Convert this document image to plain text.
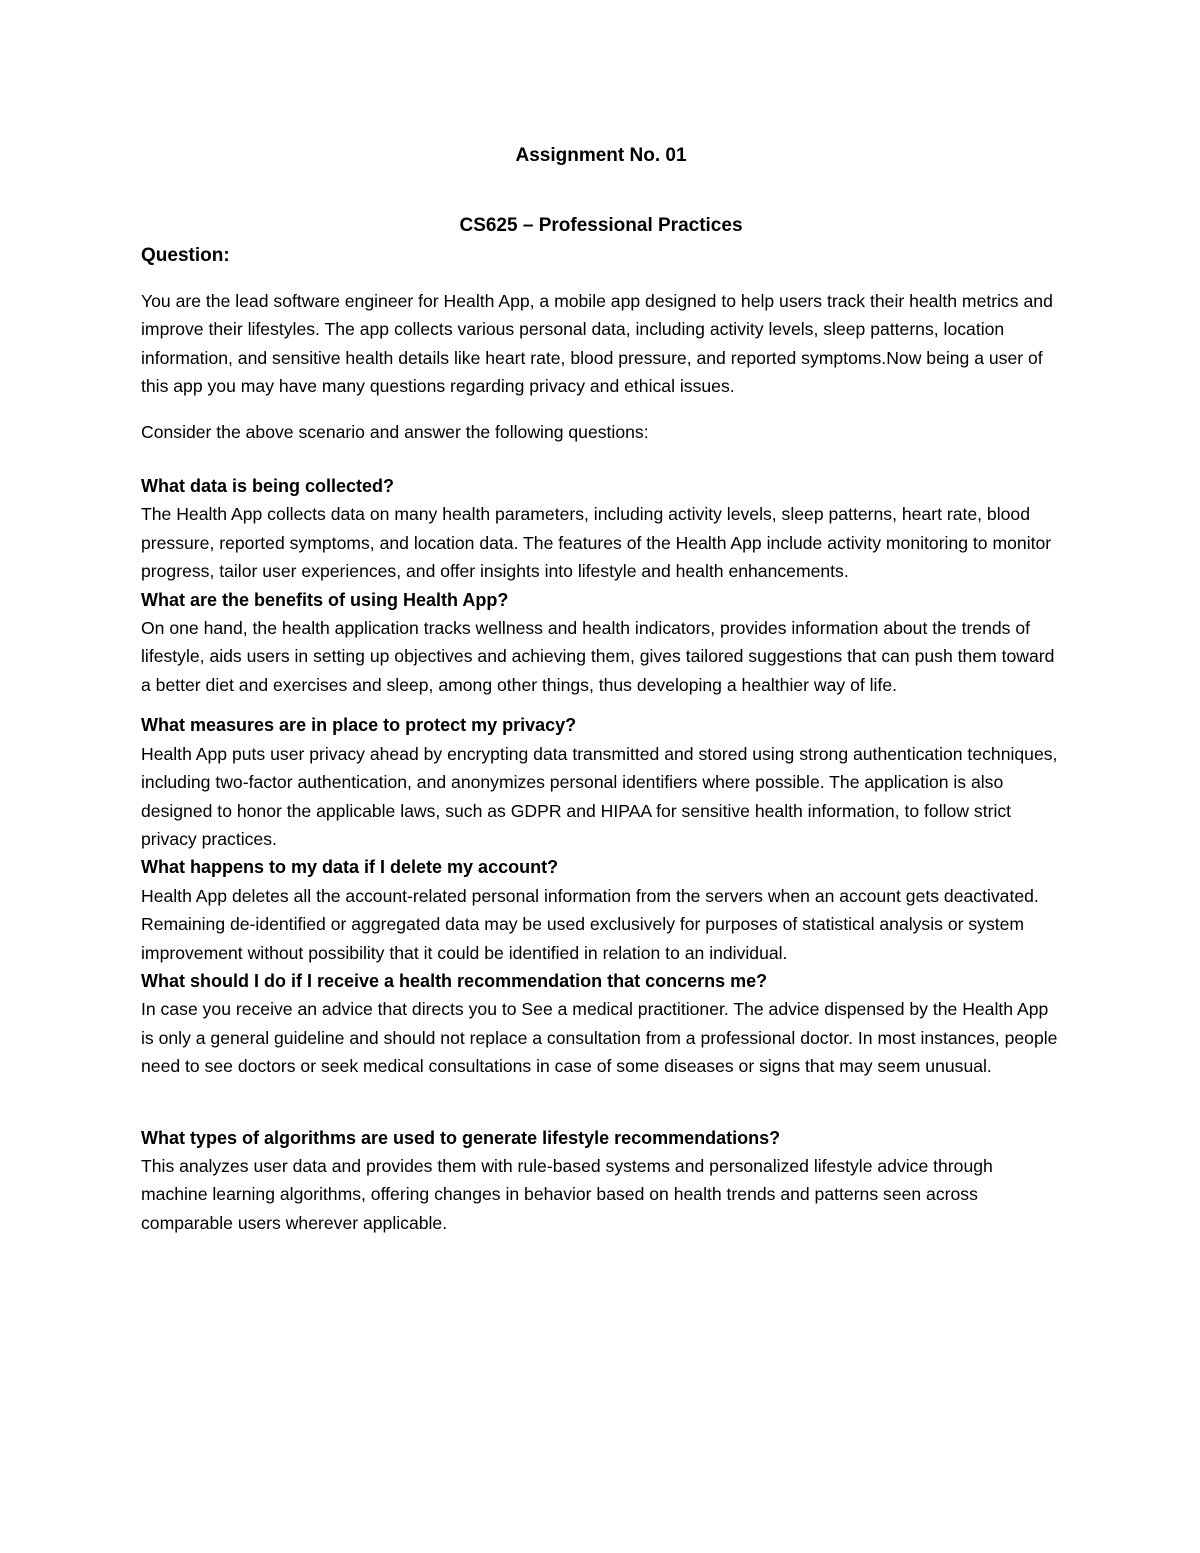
Assignment No. 01

CS625 – Professional Practices

Question:

You are the lead software engineer for Health App, a mobile app designed to help users track their health metrics and improve their lifestyles. The app collects various personal data, including activity levels, sleep patterns, location information, and sensitive health details like heart rate, blood pressure, and reported symptoms.Now being a user of this app you may have many questions regarding privacy and ethical issues.

Consider the above scenario and answer the following questions:

What data is being collected?

The Health App collects data on many health parameters, including activity levels, sleep patterns, heart rate, blood pressure, reported symptoms, and location data. The features of the Health App include activity monitoring to monitor progress, tailor user experiences, and offer insights into lifestyle and health enhancements.

What are the benefits of using Health App?

On one hand, the health application tracks wellness and health indicators, provides information about the trends of lifestyle, aids users in setting up objectives and achieving them, gives tailored suggestions that can push them toward a better diet and exercises and sleep, among other things, thus developing a healthier way of life.

What measures are in place to protect my privacy?

Health App puts user privacy ahead by encrypting data transmitted and stored using strong authentication techniques, including two-factor authentication, and anonymizes personal identifiers where possible. The application is also designed to honor the applicable laws, such as GDPR and HIPAA for sensitive health information, to follow strict privacy practices.

What happens to my data if I delete my account?

Health App deletes all the account-related personal information from the servers when an account gets deactivated. Remaining de-identified or aggregated data may be used exclusively for purposes of statistical analysis or system improvement without possibility that it could be identified in relation to an individual.

What should I do if I receive a health recommendation that concerns me?

In case you receive an advice that directs you to See a medical practitioner. The advice dispensed by the Health App is only a general guideline and should not replace a consultation from a professional doctor. In most instances, people need to see doctors or seek medical consultations in case of some diseases or signs that may seem unusual.

What types of algorithms are used to generate lifestyle recommendations?

This analyzes user data and provides them with rule-based systems and personalized lifestyle advice through machine learning algorithms, offering changes in behavior based on health trends and patterns seen across comparable users wherever applicable.
